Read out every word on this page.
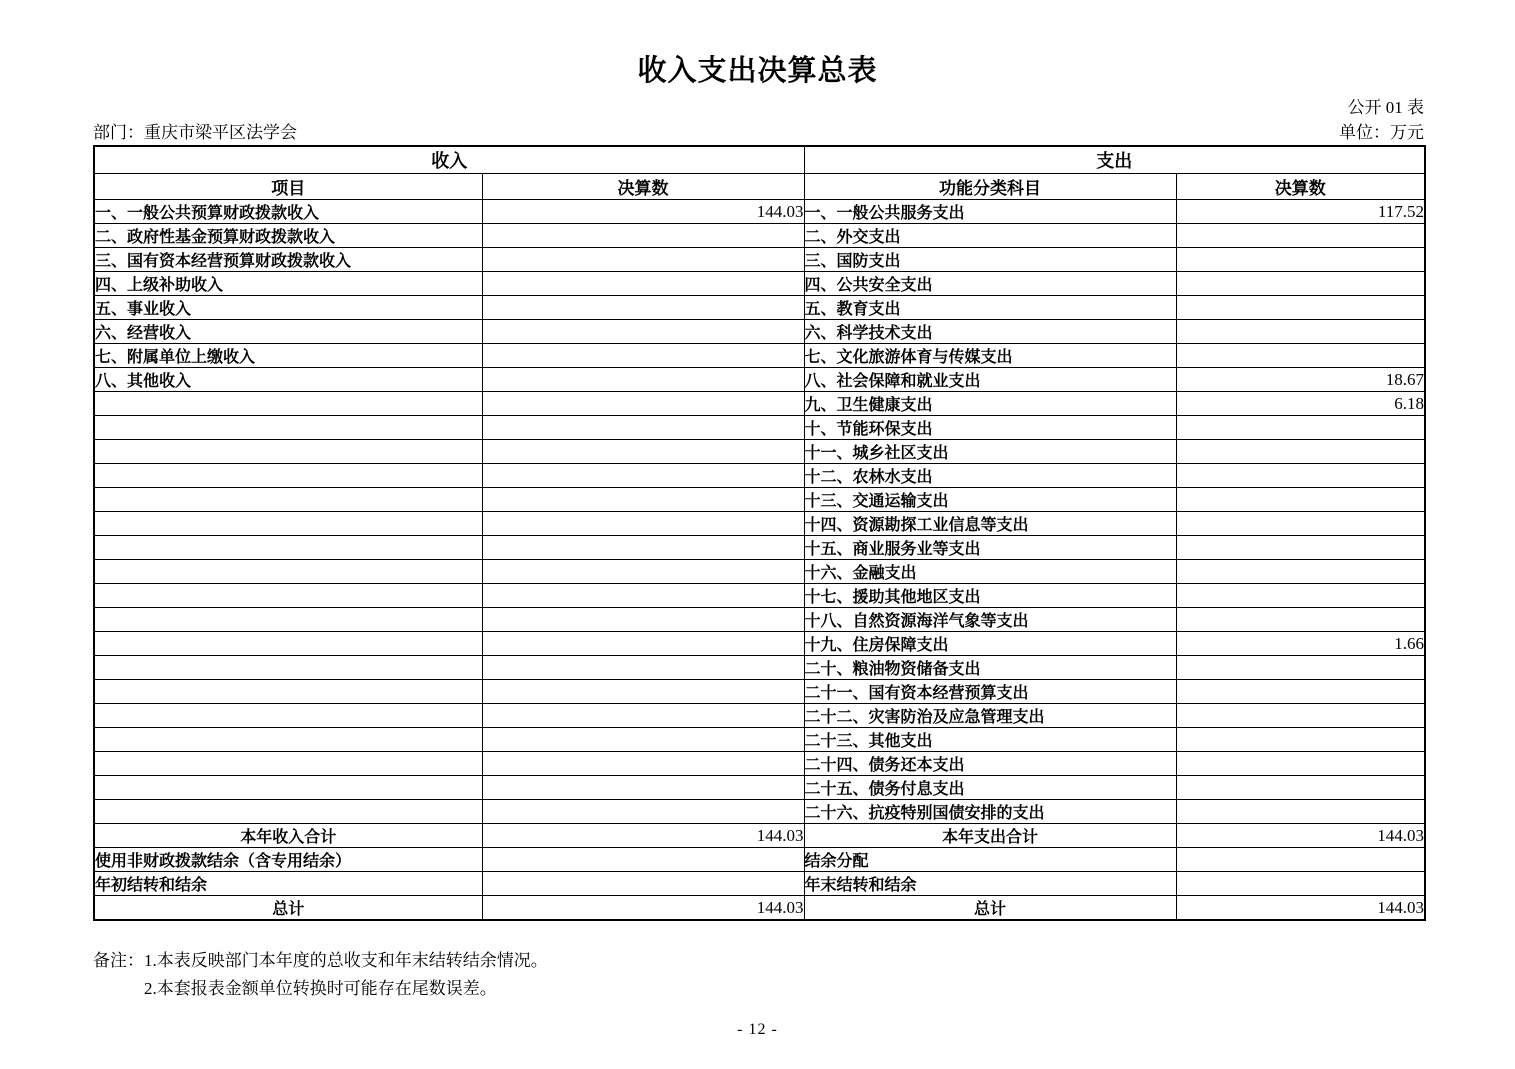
收入支出决算总表
公开 01 表
部门：重庆市梁平区法学会	单位：万元
收入		支出	
项目	决算数	功能分类科目	决算数
一、一般公共预算财政拨款收入	144.03	一、一般公共服务支出	117.52
二、政府性基金预算财政拨款收入		二、外交支出	
三、国有资本经营预算财政拨款收入		三、国防支出	
四、上级补助收入		四、公共安全支出	
五、事业收入		五、教育支出	
六、经营收入		六、科学技术支出	
七、附属单位上缴收入		七、文化旅游体育与传媒支出	
八、其他收入		八、社会保障和就业支出	18.67
		九、卫生健康支出	6.18
		十、节能环保支出	
		十一、城乡社区支出	
		十二、农林水支出	
		十三、交通运输支出	
		十四、资源勘探工业信息等支出	
		十五、商业服务业等支出	
		十六、金融支出	
		十七、援助其他地区支出	
		十八、自然资源海洋气象等支出	
		十九、住房保障支出	1.66
		二十、粮油物资储备支出	
		二十一、国有资本经营预算支出	
		二十二、灾害防治及应急管理支出	
		二十三、其他支出	
		二十四、债务还本支出	
		二十五、债务付息支出	
		二十六、抗疫特别国债安排的支出	
本年收入合计	144.03	本年支出合计	144.03
使用非财政拨款结余（含专用结余）		结余分配	
年初结转和结余		年末结转和结余	
总计	144.03	总计	144.03
备注： 1.本表反映部门本年度的总收支和年末结转结余情况。
2.本套报表金额单位转换时可能存在尾数误差。
- 12 -
